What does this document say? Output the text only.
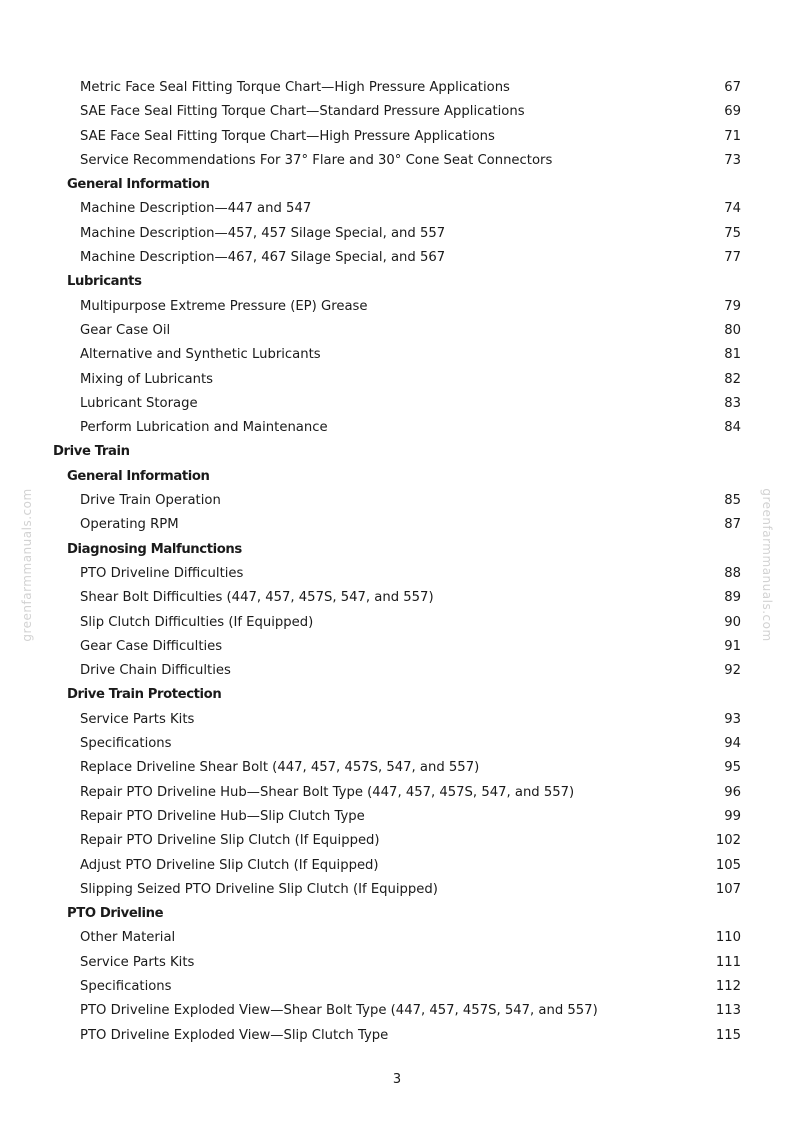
greenfarmmanuals.com	greenfarmmanuals.com
Metric Face Seal Fitting Torque Chart—High Pressure Applications	67
SAE Face Seal Fitting Torque Chart—Standard Pressure Applications	69
SAE Face Seal Fitting Torque Chart—High Pressure Applications	71
Service Recommendations For 37° Flare and 30° Cone Seat Connectors	73
General Information
Machine Description—447 and 547	74
Machine Description—457, 457 Silage Special, and 557	75
Machine Description—467, 467 Silage Special, and 567	77
Lubricants
Multipurpose Extreme Pressure (EP) Grease	79
Gear Case Oil	80
Alternative and Synthetic Lubricants	81
Mixing of Lubricants	82
Lubricant Storage	83
Perform Lubrication and Maintenance	84
Drive Train
General Information
Drive Train Operation	85
Operating RPM	87
Diagnosing Malfunctions
PTO Driveline Difficulties	88
Shear Bolt Difficulties (447, 457, 457S, 547, and 557)	89
Slip Clutch Difficulties (If Equipped)	90
Gear Case Difficulties	91
Drive Chain Difficulties	92
Drive Train Protection
Service Parts Kits	93
Specifications	94
Replace Driveline Shear Bolt (447, 457, 457S, 547, and 557)	95
Repair PTO Driveline Hub—Shear Bolt Type (447, 457, 457S, 547, and 557)	96
Repair PTO Driveline Hub—Slip Clutch Type	99
Repair PTO Driveline Slip Clutch (If Equipped)	102
Adjust PTO Driveline Slip Clutch (If Equipped)	105
Slipping Seized PTO Driveline Slip Clutch (If Equipped)	107
PTO Driveline
Other Material	110
Service Parts Kits	111
Specifications	112
PTO Driveline Exploded View—Shear Bolt Type (447, 457, 457S, 547, and 557)	113
PTO Driveline Exploded View—Slip Clutch Type	115
3
